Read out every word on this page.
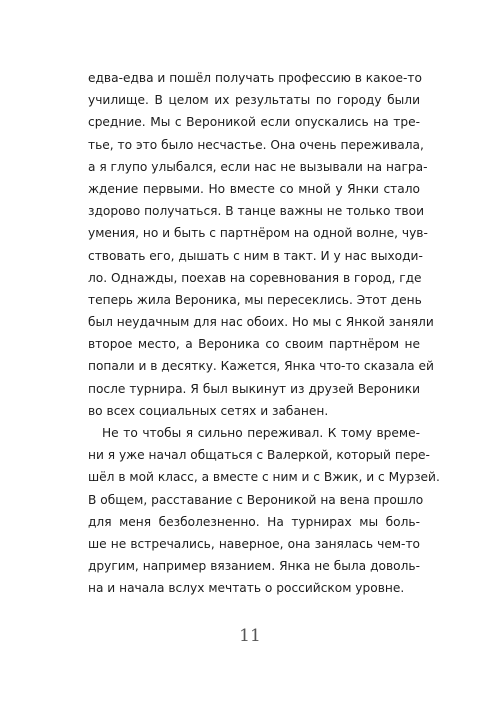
едва-едва и пошёл получать профессию в какое-то
училище. В целом их результаты по городу были
средние. Мы с Вероникой если опускались на тре-
тье, то это было несчастье. Она очень переживала,
а я глупо улыбался, если нас не вызывали на награ-
ждение первыми. Но вместе со мной у Янки стало
здорово получаться. В танце важны не только твои
умения, но и быть с партнёром на одной волне, чув-
ствовать его, дышать с ним в такт. И у нас выходи-
ло. Однажды, поехав на соревнования в город, где
теперь жила Вероника, мы пересеклись. Этот день
был неудачным для нас обоих. Но мы с Янкой заняли
второе место, а Вероника со своим партнёром не
попали и в десятку. Кажется, Янка что-то сказала ей
после турнира. Я был выкинут из друзей Вероники
во всех социальных сетях и забанен.
Не то чтобы я сильно переживал. К тому време-
ни я уже начал общаться с Валеркой, который пере-
шёл в мой класс, а вместе с ним и с Вжик, и с Мурзей.
В общем, расставание с Вероникой на вена прошло
для меня безболезненно. На турнирах мы боль-
ше не встречались, наверное, она занялась чем-то
другим, например вязанием. Янка не была доволь-
на и начала вслух мечтать о российском уровне.
11
